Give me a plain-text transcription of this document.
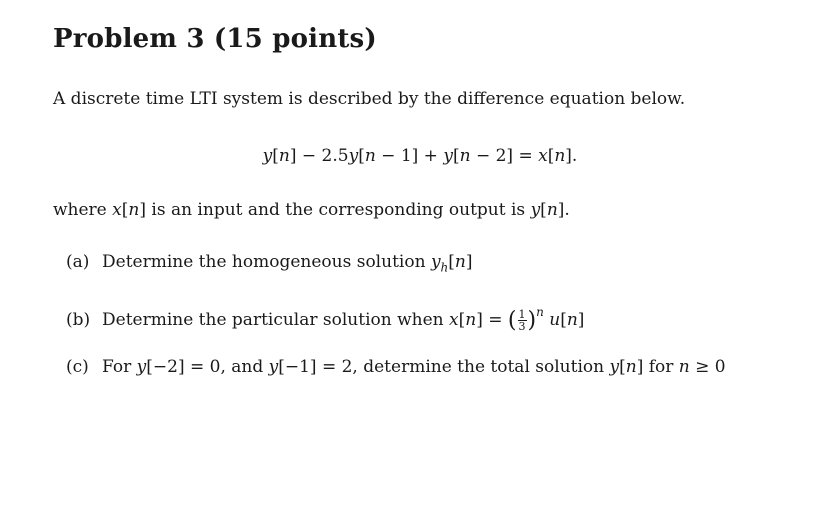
Problem 3 (15 points)
A discrete time LTI system is described by the difference equation below.
y[n] − 2.5y[n − 1] + y[n − 2] = x[n].
where x[n] is an input and the corresponding output is y[n].
(a) Determine the homogeneous solution $y_h[n]$
(b) Determine the particular solution when x[n] = ( $\frac{1}{3} )^n$ u[n]
(c) For y[−2] = 0, and y[−1] = 2, determine the total solution y[n] for n ≥ 0
